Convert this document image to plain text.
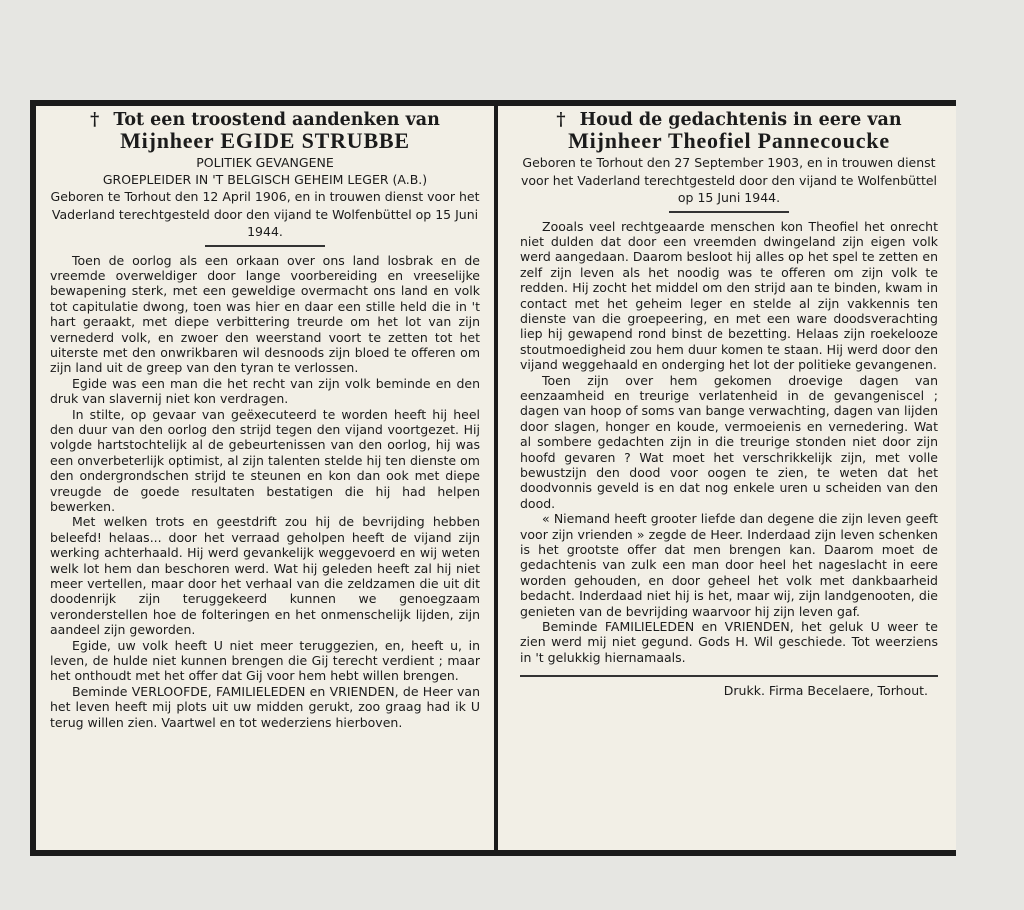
† Tot een troostend aandenken van
Mijnheer EGIDE STRUBBE
POLITIEK GEVANGENE
GROEPLEIDER IN 'T BELGISCH GEHEIM LEGER (A.B.)
Geboren te Torhout den 12 April 1906, en in trouwen dienst voor het Vaderland terechtgesteld door den vijand te Wolfenbüttel op 15 Juni 1944.

Toen de oorlog als een orkaan over ons land losbrak en de vreemde overweldiger door lange voorbereiding en vreeselijke bewapening sterk, met een geweldige overmacht ons land en volk tot capitulatie dwong, toen was hier en daar een stille held die in 't hart geraakt, met diepe verbittering treurde om het lot van zijn vernederd volk, en zwoer den weerstand voort te zetten tot het uiterste met den onwrikbaren wil desnoods zijn bloed te offeren om zijn land uit de greep van den tyran te verlossen.

Egide was een man die het recht van zijn volk beminde en den druk van slavernij niet kon verdragen.

In stilte, op gevaar van geëxecuteerd te worden heeft hij heel den duur van den oorlog den strijd tegen den vijand voortgezet. Hij volgde hartstochtelijk al de gebeurtenissen van den oorlog, hij was een onverbeterlijk optimist, al zijn talenten stelde hij ten dienste om den ondergrondschen strijd te steunen en kon dan ook met diepe vreugde de goede resultaten bestatigen die hij had helpen bewerken.

Met welken trots en geestdrift zou hij de bevrijding hebben beleefd! helaas... door het verraad geholpen heeft de vijand zijn werking achterhaald. Hij werd gevankelijk weggevoerd en wij weten welk lot hem dan beschoren werd. Wat hij geleden heeft zal hij niet meer vertellen, maar door het verhaal van die zeldzamen die uit dit doodenrijk zijn teruggekeerd kunnen we genoegzaam veronderstellen hoe de folteringen en het onmenschelijk lijden, zijn aandeel zijn geworden.

Egide, uw volk heeft U niet meer teruggezien, en, heeft u, in leven, de hulde niet kunnen brengen die Gij terecht verdient ; maar het onthoudt met het offer dat Gij voor hem hebt willen brengen.

Beminde VERLOOFDE, FAMILIELEDEN en VRIENDEN, de Heer van het leven heeft mij plots uit uw midden gerukt, zoo graag had ik U terug willen zien. Vaartwel en tot wederziens hierboven.

† Houd de gedachtenis in eere van
Mijnheer Theofiel Pannecoucke
Geboren te Torhout den 27 September 1903, en in trouwen dienst voor het Vaderland terechtgesteld door den vijand te Wolfenbüttel op 15 Juni 1944.

Zooals veel rechtgeaarde menschen kon Theofiel het onrecht niet dulden dat door een vreemden dwingeland zijn eigen volk werd aangedaan. Daarom besloot hij alles op het spel te zetten en zelf zijn leven als het noodig was te offeren om zijn volk te redden. Hij zocht het middel om den strijd aan te binden, kwam in contact met het geheim leger en stelde al zijn vakkennis ten dienste van die groepeering, en met een ware doodsverachting liep hij gewapend rond binst de bezetting. Helaas zijn roekelooze stoutmoedigheid zou hem duur komen te staan. Hij werd door den vijand weggehaald en onderging het lot der politieke gevangenen.

Toen zijn over hem gekomen droevige dagen van eenzaamheid en treurige verlatenheid in de gevangeniscel ; dagen van hoop of soms van bange verwachting, dagen van lijden door slagen, honger en koude, vermoeienis en vernedering. Wat al sombere gedachten zijn in die treurige stonden niet door zijn hoofd gevaren ? Wat moet het verschrikkelijk zijn, met volle bewustzijn den dood voor oogen te zien, te weten dat het doodvonnis geveld is en dat nog enkele uren u scheiden van den dood.

« Niemand heeft grooter liefde dan degene die zijn leven geeft voor zijn vrienden » zegde de Heer. Inderdaad zijn leven schenken is het grootste offer dat men brengen kan. Daarom moet de gedachtenis van zulk een man door heel het nageslacht in eere worden gehouden, en door geheel het volk met dankbaarheid bedacht. Inderdaad niet hij is het, maar wij, zijn landgenooten, die genieten van de bevrijding waarvoor hij zijn leven gaf.

Beminde FAMILIELEDEN en VRIENDEN, het geluk U weer te zien werd mij niet gegund. Gods H. Wil geschiede. Tot weerziens in 't gelukkig hiernamaals.

Drukk. Firma Becelaere, Torhout.
